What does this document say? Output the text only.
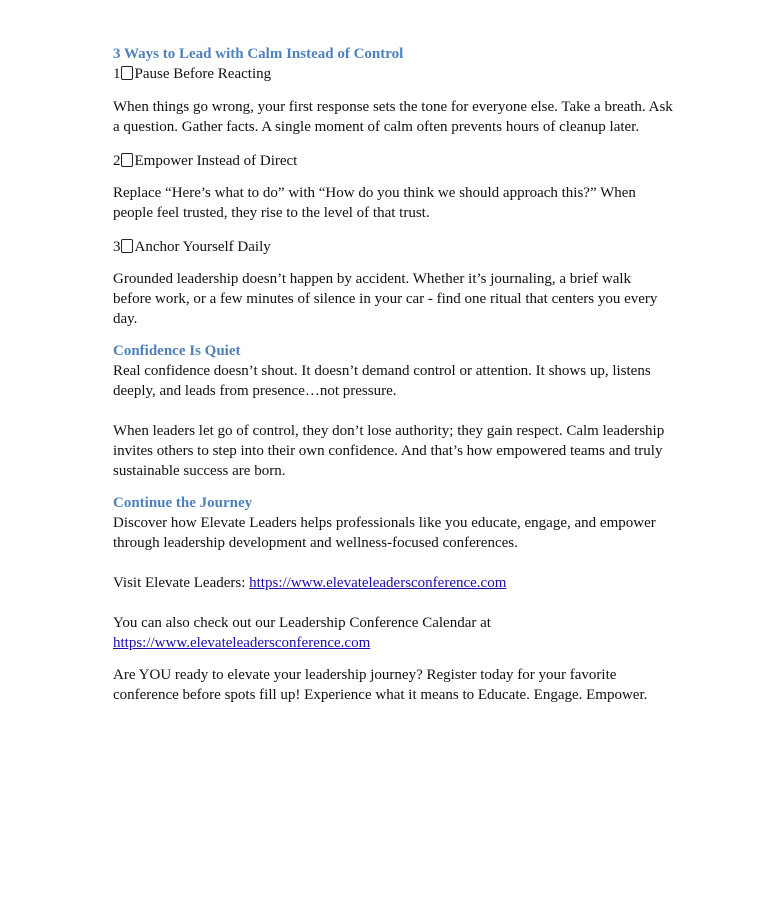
3 Ways to Lead with Calm Instead of Control
1 Pause Before Reacting

When things go wrong, your first response sets the tone for everyone else. Take a breath. Ask a question. Gather facts. A single moment of calm often prevents hours of cleanup later.

2 Empower Instead of Direct

Replace “Here’s what to do” with “How do you think we should approach this?” When people feel trusted, they rise to the level of that trust.

3 Anchor Yourself Daily

Grounded leadership doesn’t happen by accident. Whether it’s journaling, a brief walk before work, or a few minutes of silence in your car - find one ritual that centers you every day.

Confidence Is Quiet

Real confidence doesn’t shout. It doesn’t demand control or attention. It shows up, listens deeply, and leads from presence…not pressure.

When leaders let go of control, they don’t lose authority; they gain respect. Calm leadership invites others to step into their own confidence. And that’s how empowered teams and truly sustainable success are born.

Continue the Journey

Discover how Elevate Leaders helps professionals like you educate, engage, and empower through leadership development and wellness-focused conferences.

Visit Elevate Leaders: https://www.elevateleadersconference.com

You can also check out our Leadership Conference Calendar at

https://www.elevateleadersconference.com

Are YOU ready to elevate your leadership journey? Register today for your favorite conference before spots fill up! Experience what it means to Educate. Engage. Empower.
